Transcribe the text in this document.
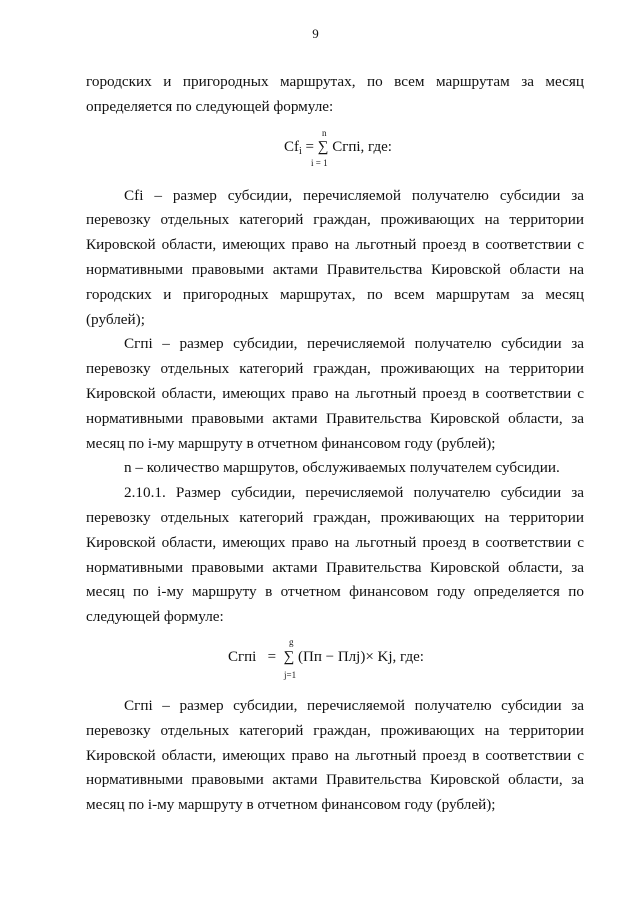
9

городских и пригородных маршрутах, по всем маршрутам за месяц определяется по следующей формуле:

n
$Cf_i$ = ∑ Сгпi, где:
i = 1

Cfi – размер субсидии, перечисляемой получателю субсидии за перевозку отдельных категорий граждан, проживающих на территории Кировской области, имеющих право на льготный проезд в соответствии с нормативными правовыми актами Правительства Кировской области на городских и пригородных маршрутах, по всем маршрутам за месяц (рублей);

Сгпi – размер субсидии, перечисляемой получателю субсидии за перевозку отдельных категорий граждан, проживающих на территории Кировской области, имеющих право на льготный проезд в соответствии с нормативными правовыми актами Правительства Кировской области, за месяц по i-му маршруту в отчетном финансовом году (рублей);

n – количество маршрутов, обслуживаемых получателем субсидии.

2.10.1. Размер субсидии, перечисляемой получателю субсидии за перевозку отдельных категорий граждан, проживающих на территории Кировской области, имеющих право на льготный проезд в соответствии с нормативными правовыми актами Правительства Кировской области, за месяц по i-му маршруту в отчетном финансовом году определяется по следующей формуле:

g
Сгпi = ∑ (Пп − Плj)× Kj, где:
j=1

Сгпi – размер субсидии, перечисляемой получателю субсидии за перевозку отдельных категорий граждан, проживающих на территории Кировской области, имеющих право на льготный проезд в соответствии с нормативными правовыми актами Правительства Кировской области, за месяц по i-му маршруту в отчетном финансовом году (рублей);
